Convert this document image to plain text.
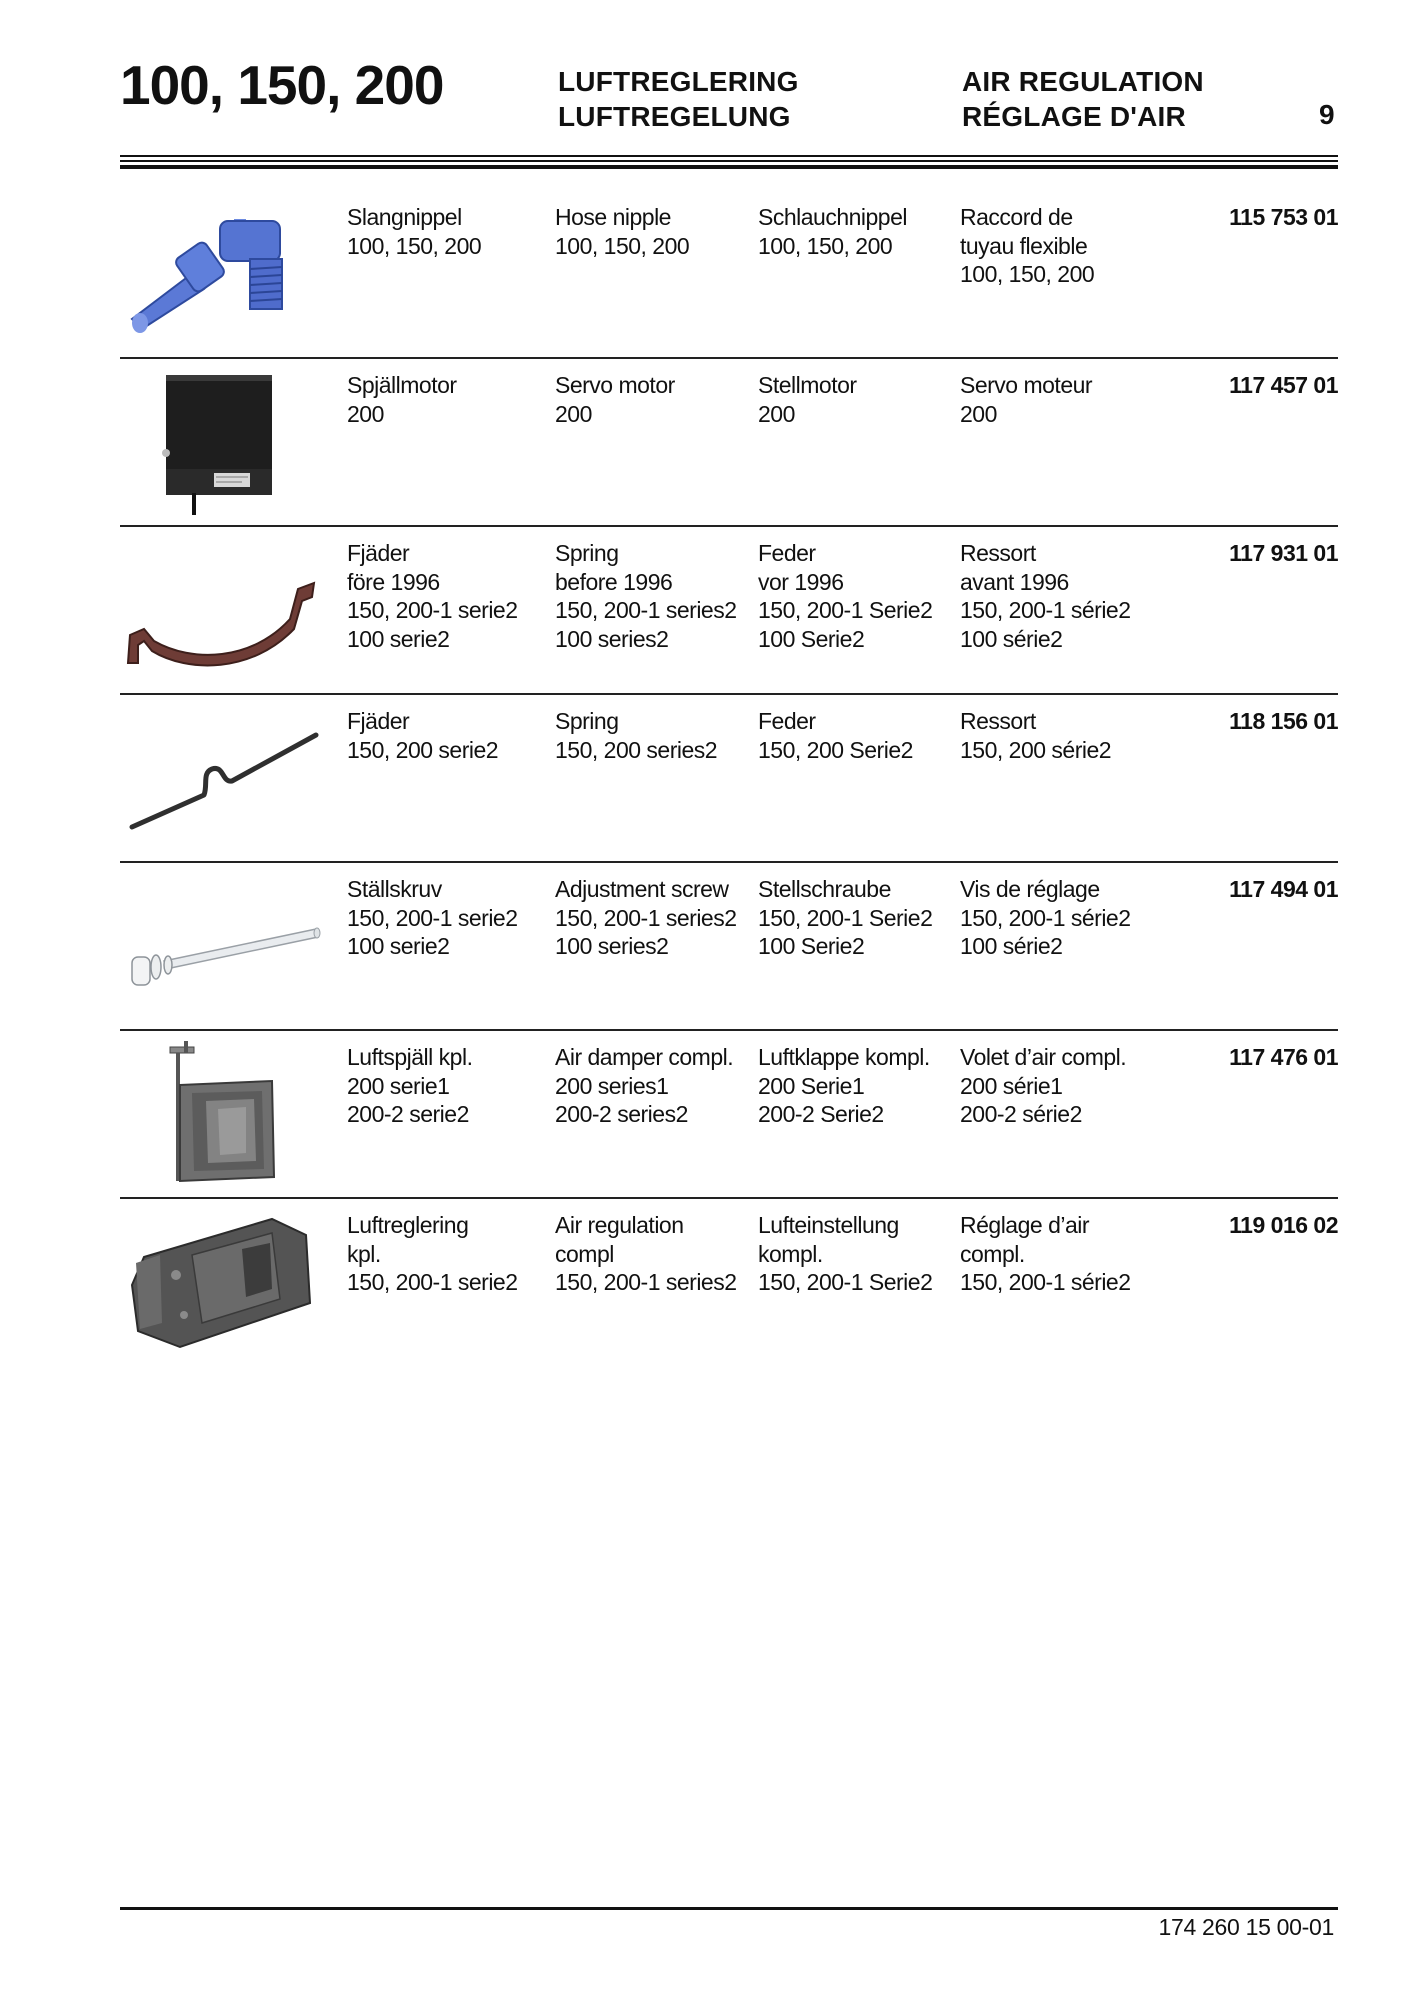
100, 150, 200	LUFTREGLERING
LUFTREGELUNG
AIR REGULATION
RÉGLAGE D'AIR	9
Slangnippel
100, 150, 200
Hose nipple
100, 150, 200
Schlauchnippel
100, 150, 200
Raccord de
tuyau flexible
100, 150, 200
115 753 01
Spjällmotor
200
Servo motor
200
Stellmotor
200
Servo moteur
200
117 457 01
Fjäder
före 1996
150, 200-1 serie2
100 serie2
Spring
before 1996
150, 200-1 series2
100 series2
Feder
vor 1996
150, 200-1 Serie2
100 Serie2
Ressort
avant 1996
150, 200-1 série2
100 série2
117 931 01
Fjäder
150, 200 serie2
Spring
150, 200 series2
Feder
150, 200 Serie2
Ressort
150, 200 série2
118 156 01
Ställskruv
150, 200-1 serie2
100 serie2
Adjustment screw
150, 200-1 series2
100 series2
Stellschraube
150, 200-1 Serie2
100 Serie2
Vis de réglage
150, 200-1 série2
100 série2
117 494 01
Luftspjäll kpl.
200 serie1
200-2 serie2
Air damper compl.
200 series1
200-2 series2
Luftklappe kompl.
200 Serie1
200-2 Serie2
Volet d’air compl.
200 série1
200-2 série2
117 476 01
Luftreglering
kpl.
150, 200-1 serie2
Air regulation
compl
150, 200-1 series2
Lufteinstellung
kompl.
150, 200-1 Serie2
Réglage d’air
compl.
150, 200-1 série2
119 016 02
174 260 15 00-01
